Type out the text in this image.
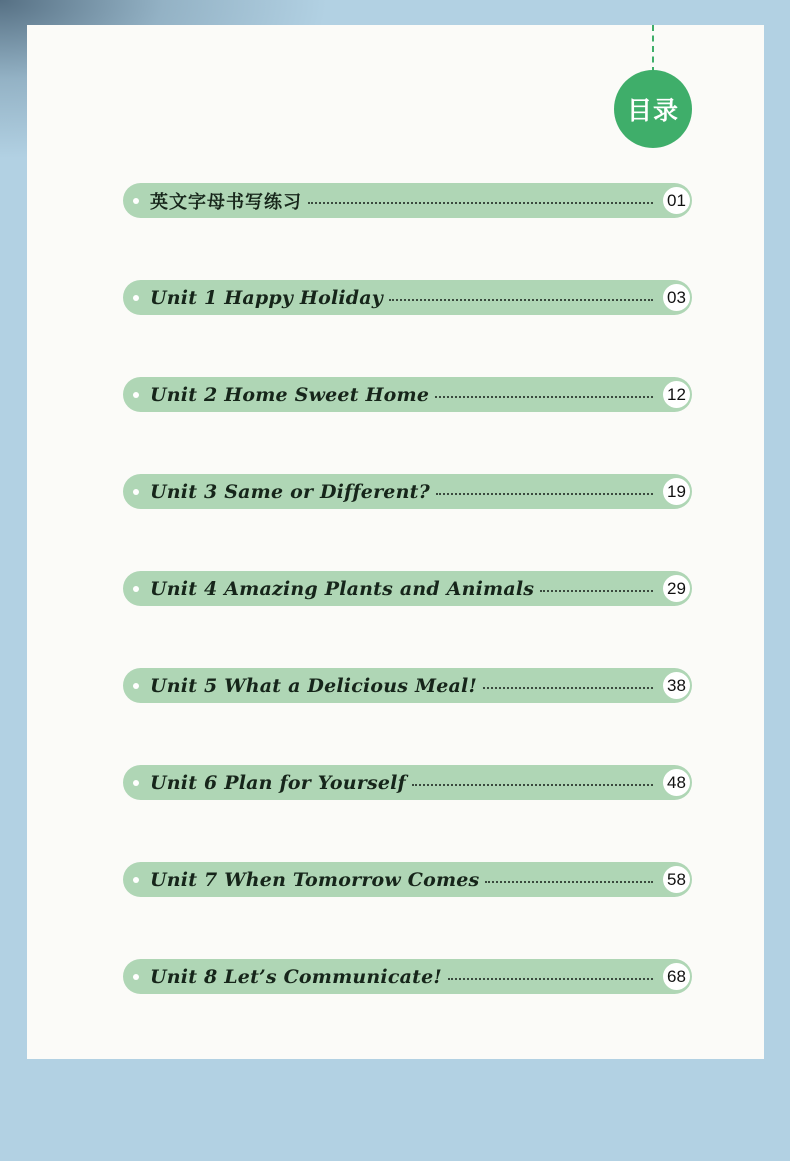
目录
英文字母书写练习	01
Unit 1 Happy Holiday	03
Unit 2 Home Sweet Home	12
Unit 3 Same or Different?	19
Unit 4 Amazing Plants and Animals	29
Unit 5 What a Delicious Meal!	38
Unit 6 Plan for Yourself	48
Unit 7 When Tomorrow Comes	58
Unit 8 Let’s Communicate!	68
